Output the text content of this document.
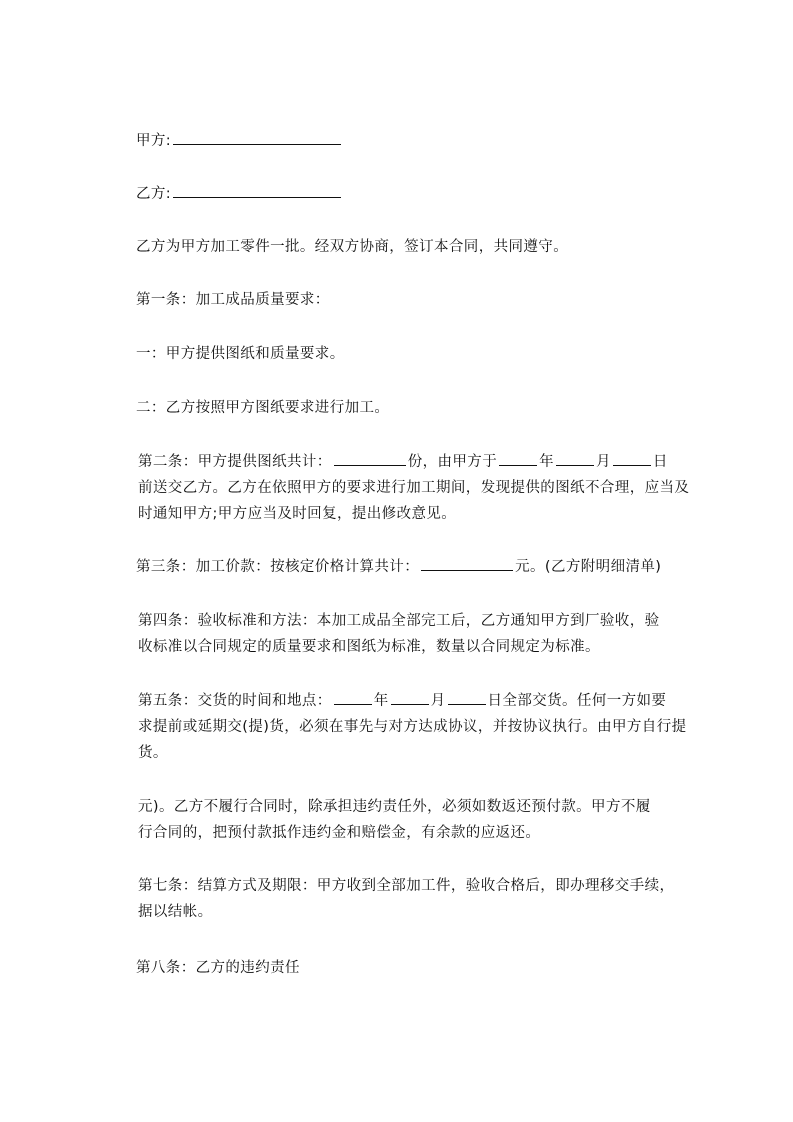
甲方:
乙方:
乙方为甲方加工零件一批。经双方协商，签订本合同，共同遵守。
第一条：加工成品质量要求：
一：甲方提供图纸和质量要求。
二：乙方按照甲方图纸要求进行加工。
第二条：甲方提供图纸共计：	份，由甲方于	年	月	日
前送交乙方。乙方在依照甲方的要求进行加工期间，发现提供的图纸不合理，应当及
时通知甲方;甲方应当及时回复，提出修改意见。
第三条：加工价款：按核定价格计算共计：	元。(乙方附明细清单)
第四条：验收标准和方法：本加工成品全部完工后，乙方通知甲方到厂验收，验
收标准以合同规定的质量要求和图纸为标准，数量以合同规定为标准。
第五条：交货的时间和地点：	年	月	日全部交货。任何一方如要
求提前或延期交(提)货，必须在事先与对方达成协议，并按协议执行。由甲方自行提
货。
元)。乙方不履行合同时，除承担违约责任外，必须如数返还预付款。甲方不履
行合同的，把预付款抵作违约金和赔偿金，有余款的应返还。
第七条：结算方式及期限：甲方收到全部加工件，验收合格后，即办理移交手续，
据以结帐。
第八条：乙方的违约责任
